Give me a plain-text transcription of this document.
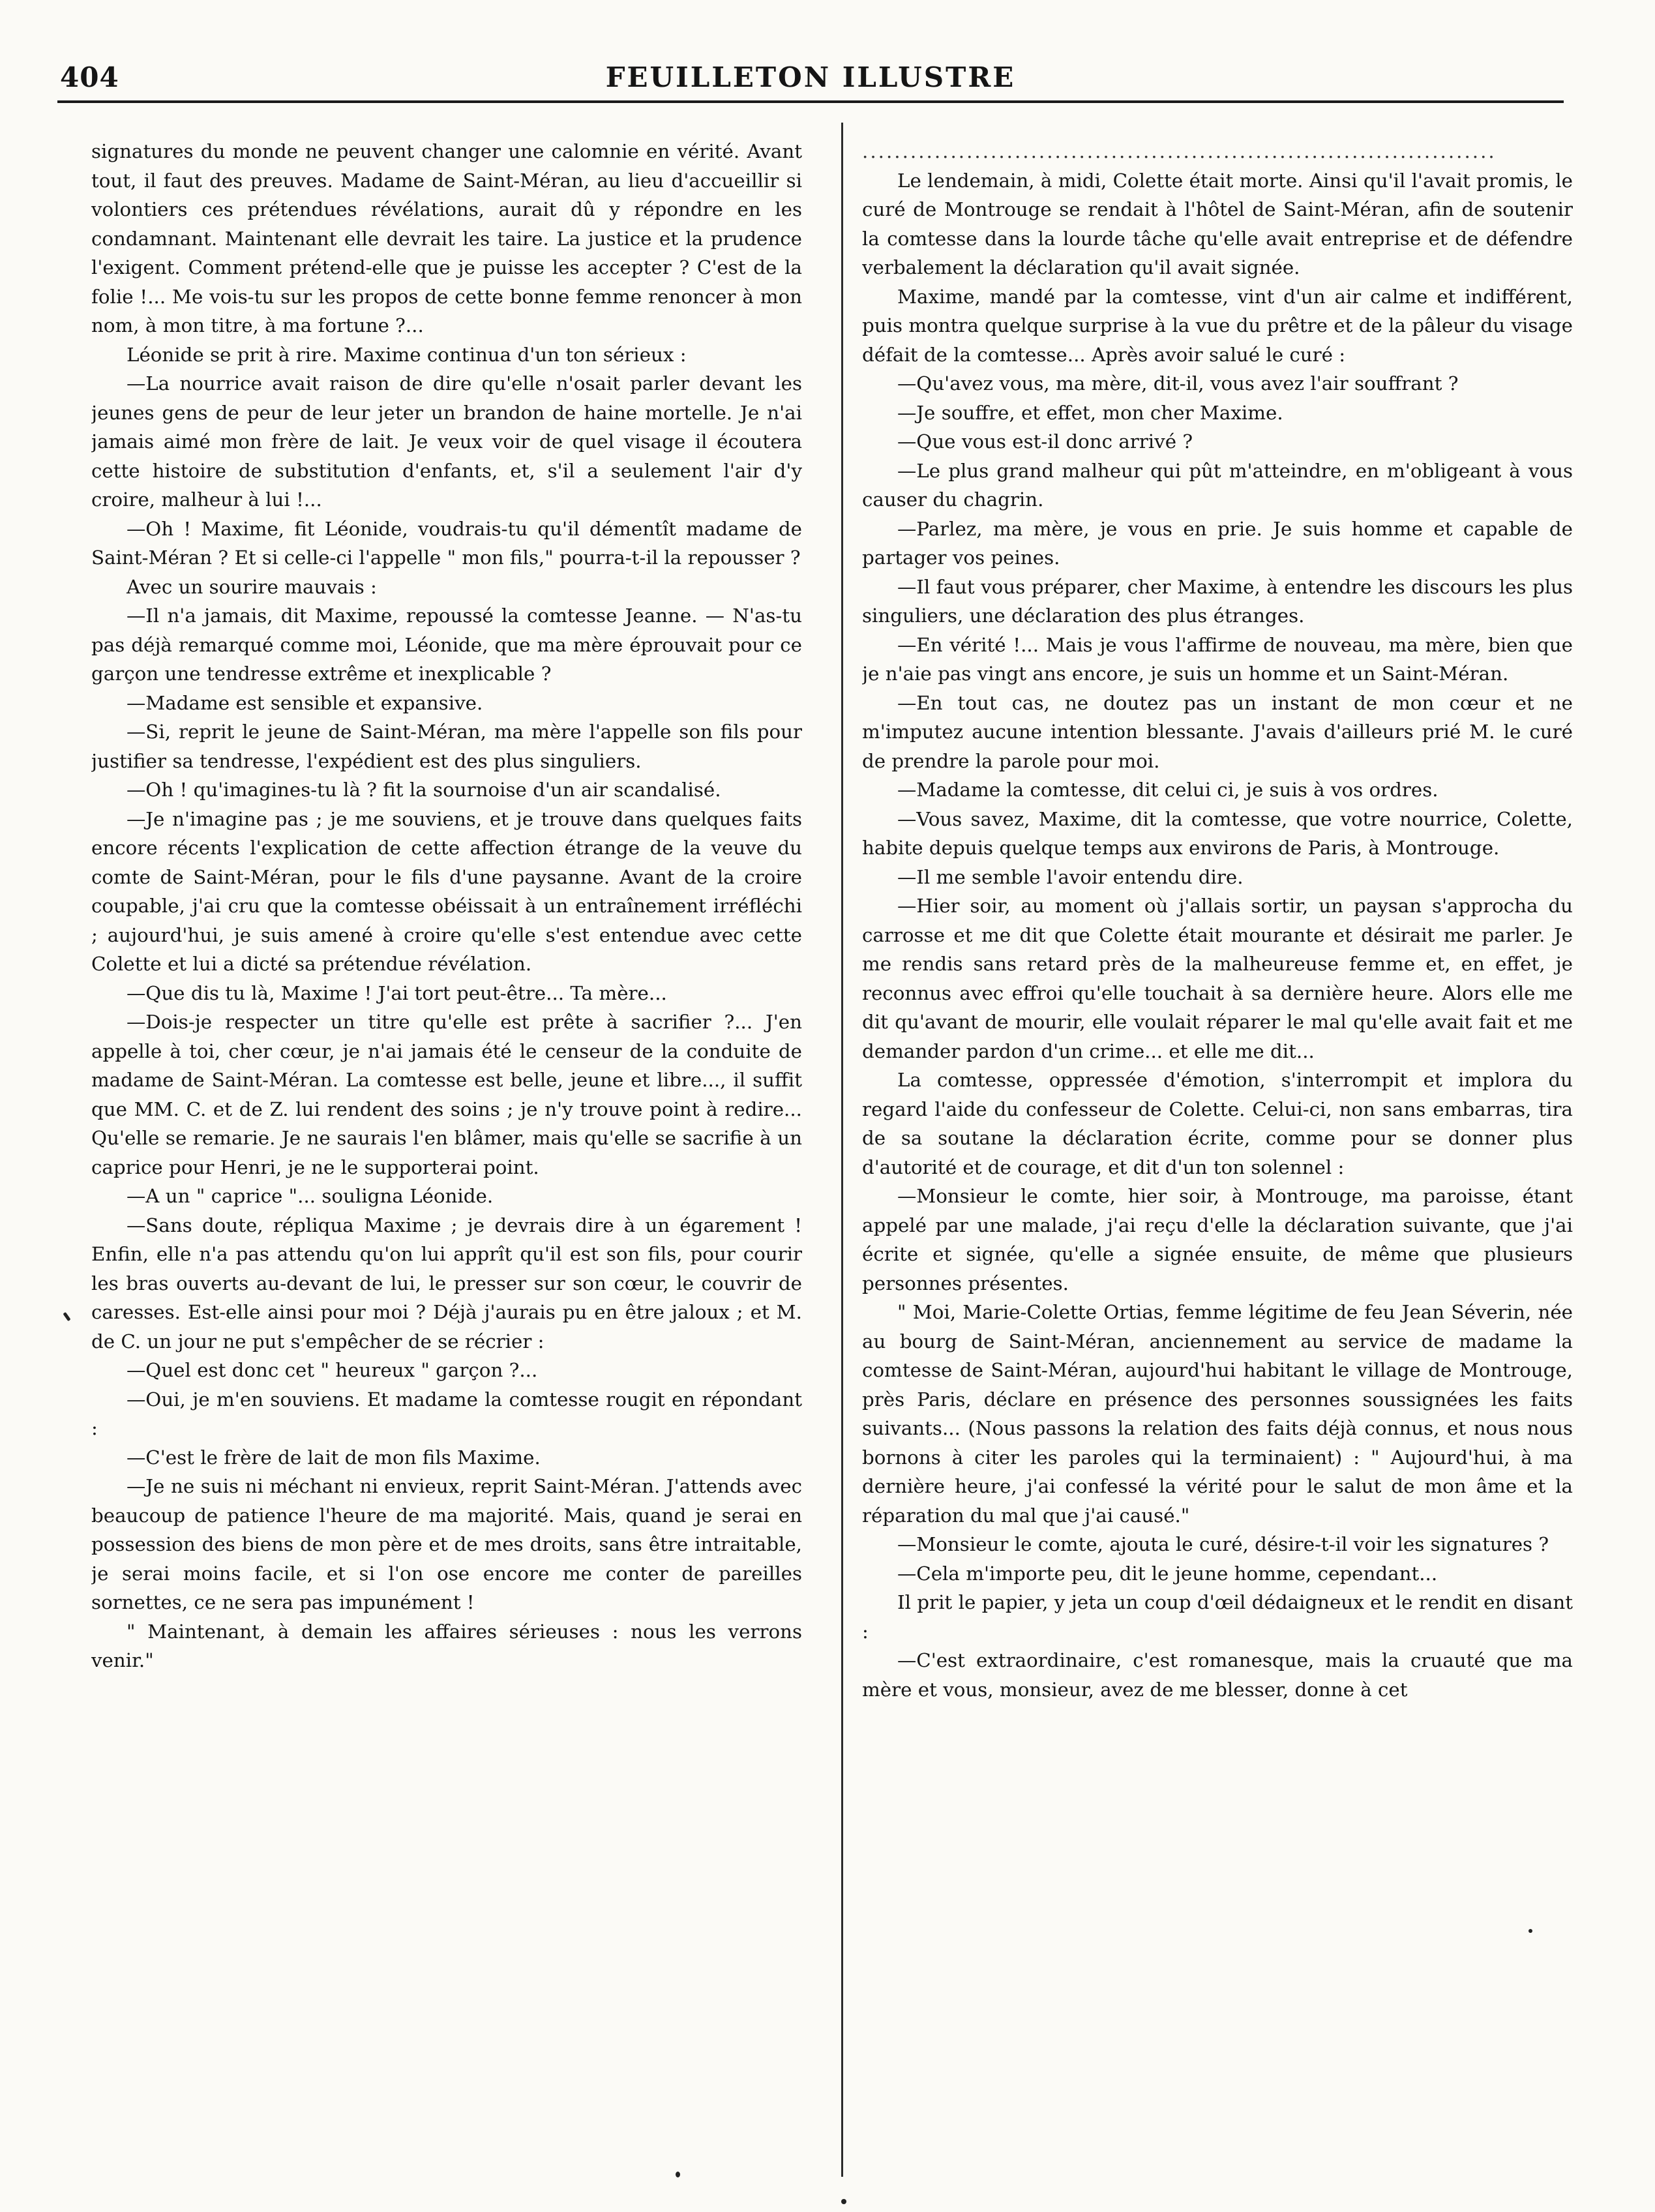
404	FEUILLETON ILLUSTRE

signatures du monde ne peuvent changer une calomnie en vérité. Avant tout, il faut des preuves. Madame de Saint-Méran, au lieu d'accueillir si volontiers ces prétendues révélations, aurait dû y répondre en les condamnant. Maintenant elle devrait les taire. La justice et la prudence l'exigent. Comment prétend-elle que je puisse les accepter ? C'est de la folie !... Me vois-tu sur les propos de cette bonne femme renoncer à mon nom, à mon titre, à ma fortune ?...

Léonide se prit à rire. Maxime continua d'un ton sérieux :

—La nourrice avait raison de dire qu'elle n'osait parler devant les jeunes gens de peur de leur jeter un brandon de haine mortelle. Je n'ai jamais aimé mon frère de lait. Je veux voir de quel visage il écoutera cette histoire de substitution d'enfants, et, s'il a seulement l'air d'y croire, malheur à lui !...

—Oh ! Maxime, fit Léonide, voudrais-tu qu'il démentît madame de Saint-Méran ? Et si celle-ci l'appelle " mon fils," pourra-t-il la repousser ?

Avec un sourire mauvais :

—Il n'a jamais, dit Maxime, repoussé la comtesse Jeanne. — N'as-tu pas déjà remarqué comme moi, Léonide, que ma mère éprouvait pour ce garçon une tendresse extrême et inexplicable ?

—Madame est sensible et expansive.

—Si, reprit le jeune de Saint-Méran, ma mère l'appelle son fils pour justifier sa tendresse, l'expédient est des plus singuliers.

—Oh ! qu'imagines-tu là ? fit la sournoise d'un air scandalisé.

—Je n'imagine pas ; je me souviens, et je trouve dans quelques faits encore récents l'explication de cette affection étrange de la veuve du comte de Saint-Méran, pour le fils d'une paysanne. Avant de la croire coupable, j'ai cru que la comtesse obéissait à un entraînement irréfléchi ; aujourd'hui, je suis amené à croire qu'elle s'est entendue avec cette Colette et lui a dicté sa prétendue révélation.

—Que dis tu là, Maxime ! J'ai tort peut-être... Ta mère...

—Dois-je respecter un titre qu'elle est prête à sacrifier ?... J'en appelle à toi, cher cœur, je n'ai jamais été le censeur de la conduite de madame de Saint-Méran. La comtesse est belle, jeune et libre..., il suffit que MM. C. et de Z. lui rendent des soins ; je n'y trouve point à redire... Qu'elle se remarie. Je ne saurais l'en blâmer, mais qu'elle se sacrifie à un caprice pour Henri, je ne le supporterai point.

—A un " caprice "... souligna Léonide.

—Sans doute, répliqua Maxime ; je devrais dire à un égarement ! Enfin, elle n'a pas attendu qu'on lui apprît qu'il est son fils, pour courir les bras ouverts au-devant de lui, le presser sur son cœur, le couvrir de caresses. Est-elle ainsi pour moi ? Déjà j'aurais pu en être jaloux ; et M. de C. un jour ne put s'empêcher de se récrier :

—Quel est donc cet " heureux " garçon ?...

—Oui, je m'en souviens. Et madame la comtesse rougit en répondant :

—C'est le frère de lait de mon fils Maxime.

—Je ne suis ni méchant ni envieux, reprit Saint-Méran. J'attends avec beaucoup de patience l'heure de ma majorité. Mais, quand je serai en possession des biens de mon père et de mes droits, sans être intraitable, je serai moins facile, et si l'on ose encore me conter de pareilles sornettes, ce ne sera pas impunément !

" Maintenant, à demain les affaires sérieuses : nous les verrons venir."

...............................................................................

Le lendemain, à midi, Colette était morte. Ainsi qu'il l'avait promis, le curé de Montrouge se rendait à l'hôtel de Saint-Méran, afin de soutenir la comtesse dans la lourde tâche qu'elle avait entreprise et de défendre verbalement la déclaration qu'il avait signée.

Maxime, mandé par la comtesse, vint d'un air calme et indifférent, puis montra quelque surprise à la vue du prêtre et de la pâleur du visage défait de la comtesse... Après avoir salué le curé :

—Qu'avez vous, ma mère, dit-il, vous avez l'air souffrant ?

—Je souffre, et effet, mon cher Maxime.

—Que vous est-il donc arrivé ?

—Le plus grand malheur qui pût m'atteindre, en m'obligeant à vous causer du chagrin.

—Parlez, ma mère, je vous en prie. Je suis homme et capable de partager vos peines.

—Il faut vous préparer, cher Maxime, à entendre les discours les plus singuliers, une déclaration des plus étranges.

—En vérité !... Mais je vous l'affirme de nouveau, ma mère, bien que je n'aie pas vingt ans encore, je suis un homme et un Saint-Méran.

—En tout cas, ne doutez pas un instant de mon cœur et ne m'imputez aucune intention blessante. J'avais d'ailleurs prié M. le curé de prendre la parole pour moi.

—Madame la comtesse, dit celui ci, je suis à vos ordres.

—Vous savez, Maxime, dit la comtesse, que votre nourrice, Colette, habite depuis quelque temps aux environs de Paris, à Montrouge.

—Il me semble l'avoir entendu dire.

—Hier soir, au moment où j'allais sortir, un paysan s'approcha du carrosse et me dit que Colette était mourante et désirait me parler. Je me rendis sans retard près de la malheureuse femme et, en effet, je reconnus avec effroi qu'elle touchait à sa dernière heure. Alors elle me dit qu'avant de mourir, elle voulait réparer le mal qu'elle avait fait et me demander pardon d'un crime... et elle me dit...

La comtesse, oppressée d'émotion, s'interrompit et implora du regard l'aide du confesseur de Colette. Celui-ci, non sans embarras, tira de sa soutane la déclaration écrite, comme pour se donner plus d'autorité et de courage, et dit d'un ton solennel :

—Monsieur le comte, hier soir, à Montrouge, ma paroisse, étant appelé par une malade, j'ai reçu d'elle la déclaration suivante, que j'ai écrite et signée, qu'elle a signée ensuite, de même que plusieurs personnes présentes.

" Moi, Marie-Colette Ortias, femme légitime de feu Jean Séverin, née au bourg de Saint-Méran, anciennement au service de madame la comtesse de Saint-Méran, aujourd'hui habitant le village de Montrouge, près Paris, déclare en présence des personnes soussignées les faits suivants... (Nous passons la relation des faits déjà connus, et nous nous bornons à citer les paroles qui la terminaient) : " Aujourd'hui, à ma dernière heure, j'ai confessé la vérité pour le salut de mon âme et la réparation du mal que j'ai causé."

—Monsieur le comte, ajouta le curé, désire-t-il voir les signatures ?

—Cela m'importe peu, dit le jeune homme, cependant...

Il prit le papier, y jeta un coup d'œil dédaigneux et le rendit en disant :

—C'est extraordinaire, c'est romanesque, mais la cruauté que ma mère et vous, monsieur, avez de me blesser, donne à cet
